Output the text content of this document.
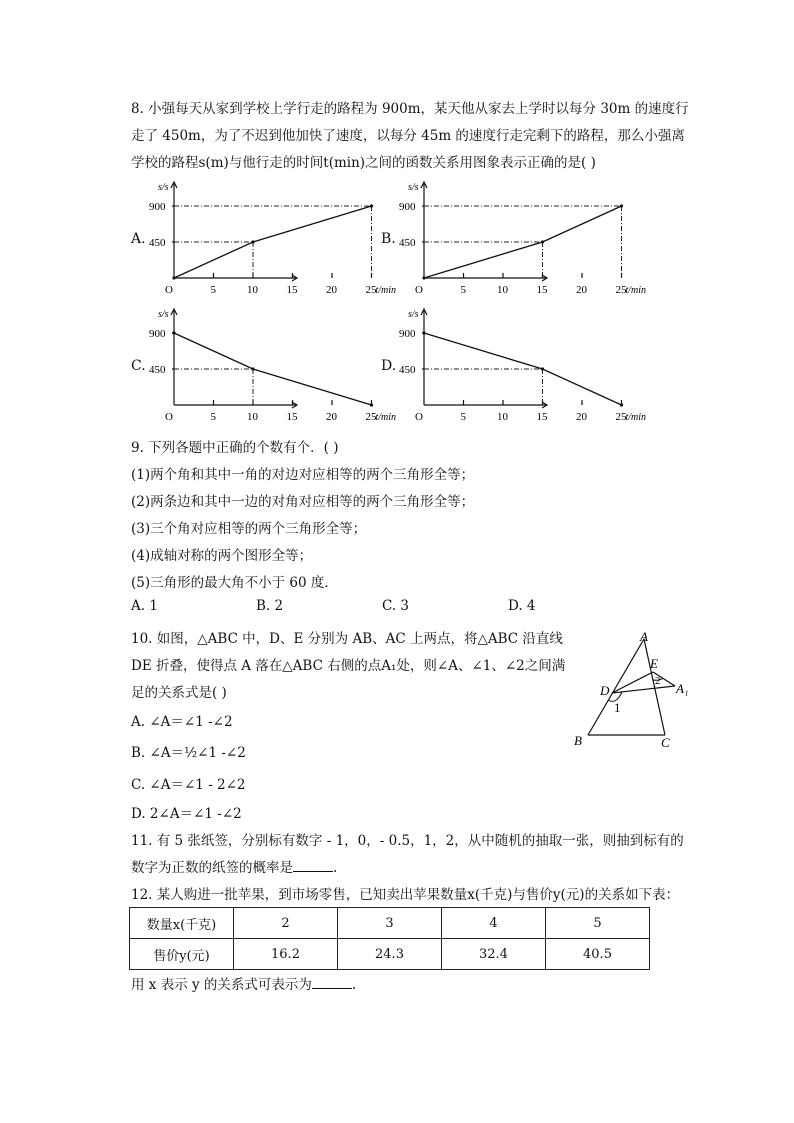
8. 小强每天从家到学校上学行走的路程为 900m，某天他从家去上学时以每分 30m 的速度行
走了 450m，为了不迟到他加快了速度，以每分 45m 的速度行走完剩下的路程，那么小强离
学校的路程s(m)与他行走的时间t(min)之间的函数关系用图象表示正确的是( )
A.	B.
C.	D.
O	5	10	15	20	25 t/min
s/s
450
900
O	5	10	15	20	25 t/min
s/s
450
900
O	5	10	15	20	25 t/min
s/s
450
900
O	5	10	15	20	25 t/min
s/s
450
900
9. 下列各题中正确的个数有个．( )
(1)两个角和其中一角的对边对应相等的两个三角形全等；
(2)两条边和其中一边的对角对应相等的两个三角形全等；
(3)三个角对应相等的两个三角形全等；
(4)成轴对称的两个图形全等；
(5)三角形的最大角不小于 60 度．
A. 1	B. 2	C. 3	D. 4
10. 如图，△ABC 中，D、E 分别为 AB、AC 上两点，将△ABC 沿直线
DE 折叠，使得点 A 落在△ABC 右侧的点A₁处，则∠A、∠1、∠2之间满
足的关系式是( )
A. ∠A＝∠1 -∠2
B. ∠A＝½∠1 -∠2
C. ∠A＝∠1 - 2∠2
D. 2∠A＝∠1 -∠2
A
E
D	A₁
1
2
B	C
11. 有 5 张纸签，分别标有数字 - 1，0，- 0.5，1，2，从中随机的抽取一张，则抽到标有的
数字为正数的纸签的概率是	.
12. 某人购进一批苹果，到市场零售，已知卖出苹果数量x(千克)与售价y(元)的关系如下表：
数量x(千克)	2	3	4	5
售价y(元)	16.2	24.3	32.4	40.5
用 x 表示 y 的关系式可表示为	.
